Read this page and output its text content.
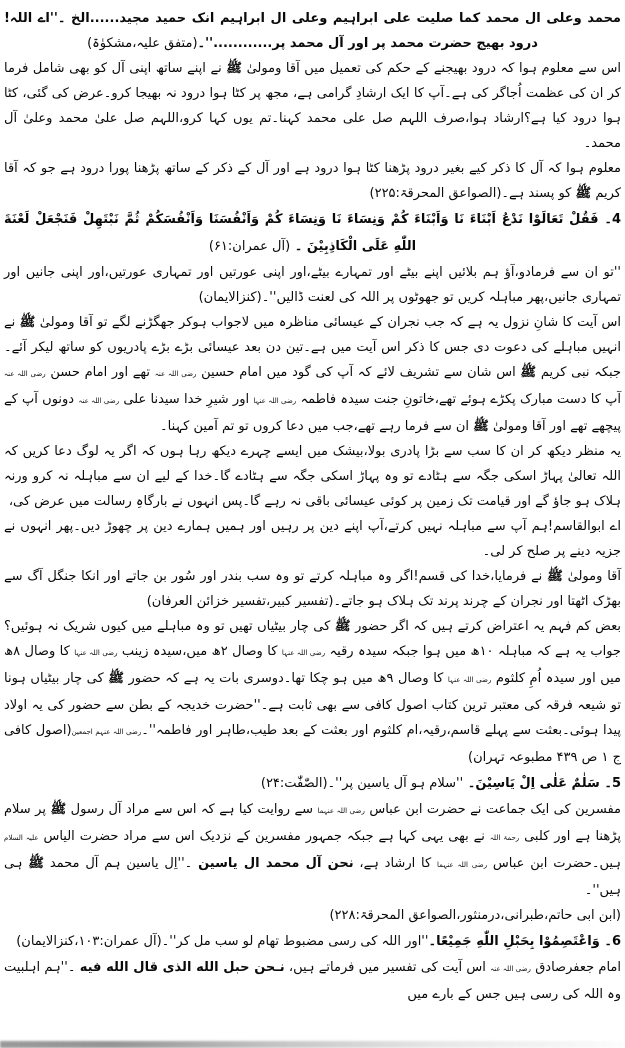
محمد وعلی ال محمد کما صلیت علی ابراہیم وعلی ال ابراہیم انک حمید مجید......الخ ۔''اے اللہ!درود بھیج حضرت محمد پر اور آل محمد پر............''۔(متفق علیہ،مشکوٰۃ)
اس سے معلوم ہوا کہ درود بھیجنے کے حکم کی تعمیل میں آقا ومولیٰ ﷺ نے اپنے ساتھ اپنی آل کو بھی شامل فرما کر ان کی عظمت اُجاگر کی ہے۔آپ کا ایک ارشادِ گرامی ہے، مجھ پر کٹا ہوا درود نہ بھیجا کرو۔عرض کی گئی، کٹا ہوا درود کیا ہے؟ارشاد ہوا،صرف اللہم صل علی محمد کہنا۔تم یوں کہا کرو،اللہم صل علیٰ محمد وعلیٰ آل محمد۔
معلوم ہوا کہ آل کا ذکر کیے بغیر درود پڑھنا کٹا ہوا درود ہے اور آل کے ذکر کے ساتھ پڑھنا پورا درود ہے جو کہ آقا کریم ﷺ کو پسند ہے۔(الصواعق المحرقۃ:۲۲۵)
4۔ فَقُلْ تَعَالَوْا نَدْعُ اَبْنَاءَ نَا وَاَبْنَاءَ کُمْ وَنِسَاءَ نَا وَنِسَاءَ کُمْ وَاَنْفُسَنَا وَاَنْفُسَکُمْ ثُمَّ نَبْتَهِلْ فَنَجْعَلْ لَعْنَةَ اللّٰهِ عَلَی الْکَاذِبِیْنَ ۔ (آل عمران:۶۱)
''تو ان سے فرمادو،آؤ ہم بلائیں اپنے بیٹے اور تمہارے بیٹے،اور اپنی عورتیں اور تمہاری عورتیں،اور اپنی جانیں اور تمہاری جانیں،پھر مباہلہ کریں تو جھوٹوں پر اللہ کی لعنت ڈالیں''۔(کنزالایمان)
اس آیت کا شانِ نزول یہ ہے کہ جب نجران کے عیسائی مناظرہ میں لاجواب ہوکر جھگڑنے لگے تو آقا ومولیٰ ﷺ نے انہیں مباہلے کی دعوت دی جس کا ذکر اس آیت میں ہے۔تین دن بعد عیسائی بڑے بڑے پادریوں کو ساتھ لیکر آئے۔جبکہ نبی کریم ﷺ اس شان سے تشریف لائے کہ آپ کی گود میں امام حسین رضی اللہ عنہ تھے اور امام حسن رضی اللہ عنہ آپ کا دست مبارک پکڑے ہوئے تھے،خاتونِ جنت سیدہ فاطمہ رضی اللہ عنہا اور شیرِ خدا سیدنا علی رضی اللہ عنہ دونوں آپ کے پیچھے تھے اور آقا ومولیٰ ﷺ ان سے فرما رہے تھے،جب میں دعا کروں تو تم آمین کہنا۔
یہ منظر دیکھ کر ان کا سب سے بڑا پادری بولا،بیشک میں ایسے چہرے دیکھ رہا ہوں کہ اگر یہ لوگ دعا کریں کہ اللہ تعالیٰ پہاڑ اسکی جگہ سے ہٹادے تو وہ پہاڑ اسکی جگہ سے ہٹادے گا۔خدا کے لیے ان سے مباہلہ نہ کرو ورنہ ہلاک ہو جاؤ گے اور قیامت تک زمین پر کوئی عیسائی باقی نہ رہے گا۔پس انہوں نے بارگاہِ رسالت میں عرض کی،
اے ابوالقاسم!ہم آپ سے مباہلہ نہیں کرتے،آپ اپنے دین پر رہیں اور ہمیں ہمارے دین پر چھوڑ دیں۔پھر انہوں نے جزیہ دینے پر صلح کر لی۔
آقا ومولیٰ ﷺ نے فرمایا،خدا کی قسم!اگر وہ مباہلہ کرتے تو وہ سب بندر اور سُور بن جاتے اور انکا جنگل آگ سے بھڑک اٹھتا اور نجران کے چرند پرند تک ہلاک ہو جاتے۔(تفسیر کبیر،تفسیر خزائن العرفان)
بعض کم فہم یہ اعتراض کرتے ہیں کہ اگر حضور ﷺ کی چار بیٹیاں تھیں تو وہ مباہلے میں کیوں شریک نہ ہوئیں؟جواب یہ ہے کہ مباہلہ ۱۰ھ میں ہوا جبکہ سیدہ رقیہ رضی اللہ عنہا کا وصال ۲ھ میں،سیدہ زینب رضی اللہ عنہا کا وصال ۸ھ میں اور سیدہ اُمِ کلثوم رضی اللہ عنہا کا وصال ۹ھ میں ہو چکا تھا۔دوسری بات یہ ہے کہ حضور ﷺ کی چار بیٹیاں ہونا تو شیعہ فرقہ کی معتبر ترین کتاب اصول کافی سے بھی ثابت ہے۔''حضرت خدیجہ کے بطن سے حضور کی یہ اولاد پیدا ہوئی۔بعثت سے پہلے قاسم،رقیہ،ام کلثوم اور بعثت کے بعد طیب،طاہر اور فاطمہ''۔رضی اللہ عنہم اجمعین(اصول کافی ج ۱ ص ۴۳۹ مطبوعہ تہران)
5۔ سَلٰمٌ عَلٰی اِلْ یَاسِیْنَ۔ ''سلام ہو آل یاسین پر''۔(الصّٰفّٰت:۲۴)
مفسرین کی ایک جماعت نے حضرت ابن عباس رضی اللہ عنہما سے روایت کیا ہے کہ اس سے مراد آل رسول ﷺ پر سلام پڑھنا ہے اور کلبی رحمۃ اللہ نے بھی یہی کہا ہے جبکہ جمہور مفسرین کے نزدیک اس سے مراد حضرت الیاس علیہ السلام ہیں۔حضرت ابن عباس رضی اللہ عنہما کا ارشاد ہے، نحن آل محمد ال یاسین ۔''اِل یاسین ہم آل محمد ﷺ ہی ہیں''۔
(ابن ابی حاتم،طبرانی،درمنثور،الصواعق المحرقۃ:۲۲۸)
6۔ وَاعْتَصِمُوْا بِحَبْلِ اللّٰهِ جَمِیْعًا۔''اور اللہ کی رسی مضبوط تھام لو سب مل کر''۔(آل عمران:۱۰۳،کنزالایمان)
امام جعفرصادق رضی اللہ عنہ اس آیت کی تفسیر میں فرماتے ہیں، نـحن حبل الله الذی قال الله فیه ۔''ہم اہلبیت وہ اللہ کی رسی ہیں جس کے بارے میں
